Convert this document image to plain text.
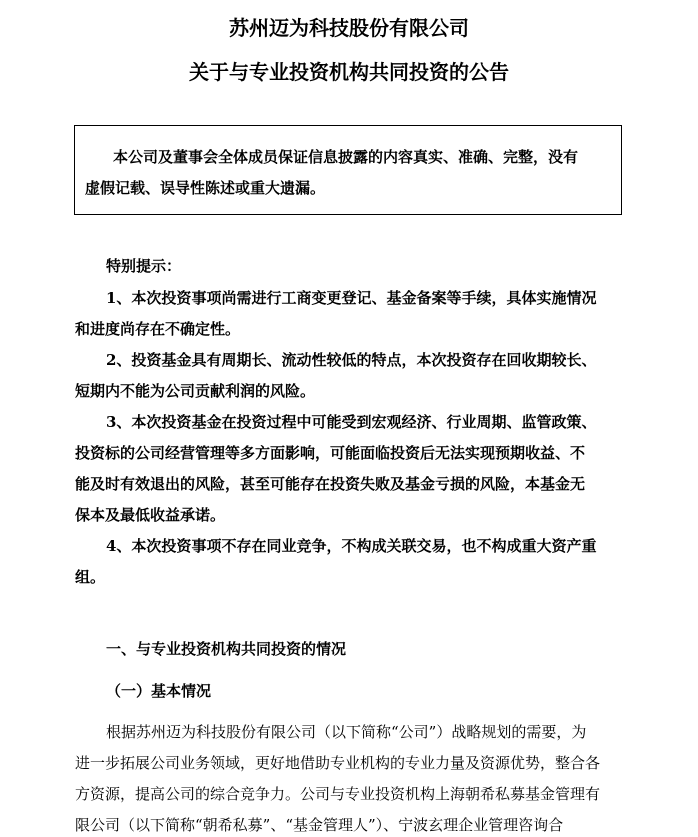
苏州迈为科技股份有限公司
关于与专业投资机构共同投资的公告
本公司及董事会全体成员保证信息披露的内容真实、准确、完整，没有
虚假记载、误导性陈述或重大遗漏。
特别提示：
1、本次投资事项尚需进行工商变更登记、基金备案等手续，具体实施情况
和进度尚存在不确定性。
2、投资基金具有周期长、流动性较低的特点，本次投资存在回收期较长、
短期内不能为公司贡献利润的风险。
3、本次投资基金在投资过程中可能受到宏观经济、行业周期、监管政策、
投资标的公司经营管理等多方面影响，可能面临投资后无法实现预期收益、不
能及时有效退出的风险，甚至可能存在投资失败及基金亏损的风险，本基金无
保本及最低收益承诺。
4、本次投资事项不存在同业竞争，不构成关联交易，也不构成重大资产重
组。
一、与专业投资机构共同投资的情况
（一）基本情况
根据苏州迈为科技股份有限公司（以下简称“公司”）战略规划的需要，为
进一步拓展公司业务领域，更好地借助专业机构的专业力量及资源优势，整合各
方资源，提高公司的综合竞争力。公司与专业投资机构上海朝希私募基金管理有
限公司（以下简称“朝希私募”、“基金管理人”）、宁波玄理企业管理咨询合
